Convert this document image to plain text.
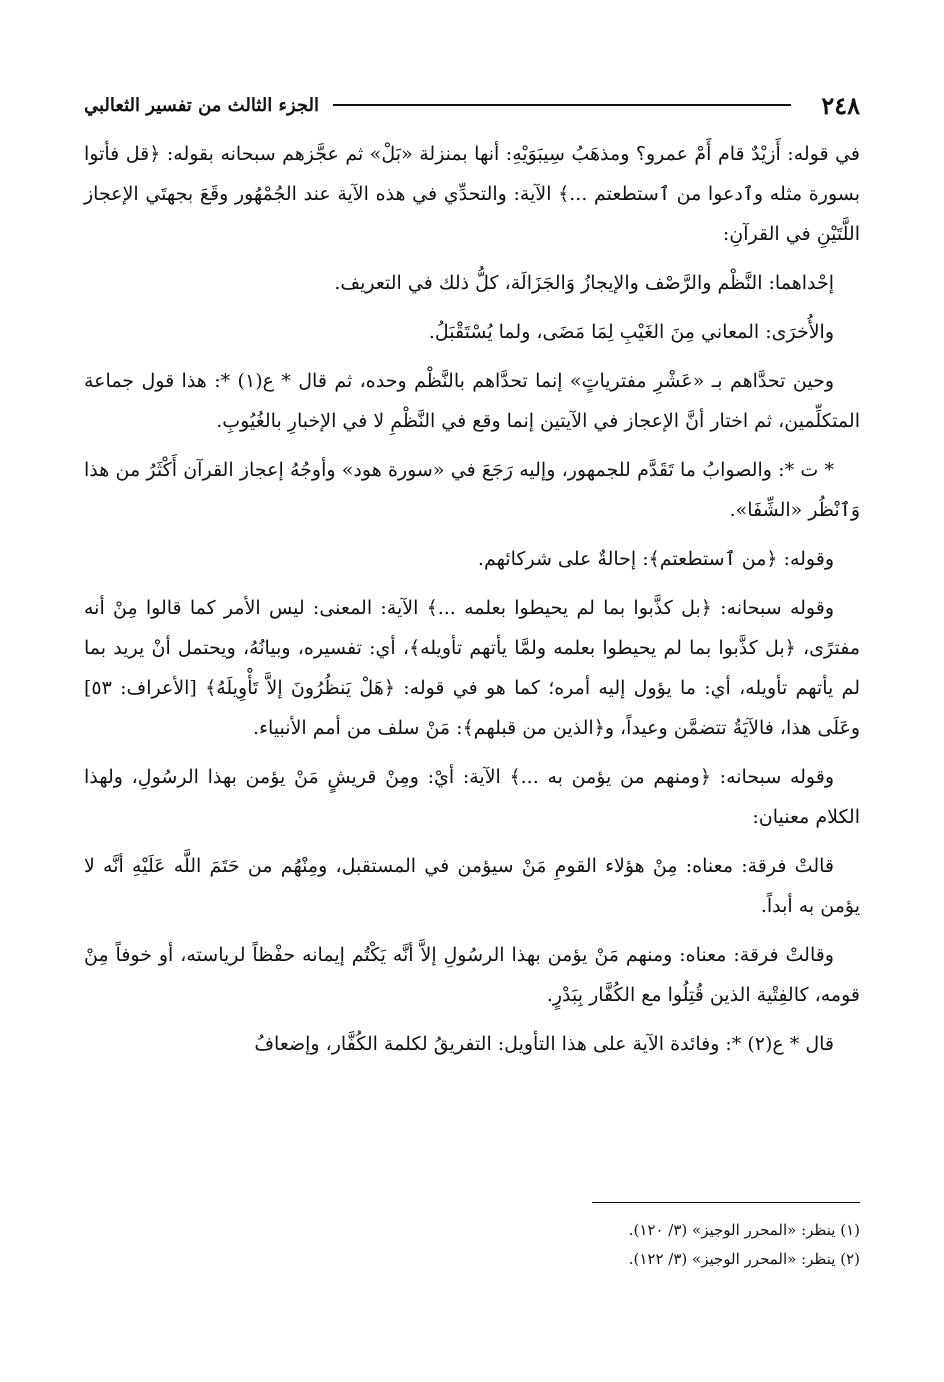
٢٤٨
الجزء الثالث من تفسير الثعالبي

في قوله: أَزيْدٌ قام أَمْ عمرو؟ ومذهَبُ سِيبَوَيْهِ: أنها بمنزلة «بَلْ» ثم عجَّزهم سبحانه بقوله: ﴿قل فأتوا بسورة مثله وٱدعوا من ٱستطعتم ...﴾ الآية: والتحدِّي في هذه الآية عند الجُمْهُور وقَعَ بجهتَي الإعجاز اللَّتَيْنِ في القرآنِ:

إحْداهما: النَّظْم والرَّصْف والإيجازُ وَالجَزَالَة، كلُّ ذلك في التعريف.

والأُخرَى: المعاني مِنَ الغَيْبِ لِمَا مَضَى، ولما يُسْتَقْبَلُ.

وحين تحدَّاهم بـ «عَشْرِ مفترياتٍ» إنما تحدَّاهم بالنَّظْم وحده، ثم قال * ع(١) *: هذا قول جماعة المتكلِّمين، ثم اختار أنَّ الإعجاز في الآيتين إنما وقع في النَّظْمِ لا في الإخبارِ بالغُيُوبِ.

* ت *: والصوابُ ما تَقَدَّم للجمهور، وإليه رَجَعَ في «سورة هود» وأوجُهُ إعجاز القرآن أَكْثَرُ من هذا وَٱنْظُر «الشِّفَا».

وقوله: ﴿من ٱستطعتم﴾: إحالةٌ على شركائهم.

وقوله سبحانه: ﴿بل كذَّبوا بما لم يحيطوا بعلمه ...﴾ الآية: المعنى: ليس الأمر كما قالوا مِنْ أنه مفترًى، ﴿بل كذَّبوا بما لم يحيطوا بعلمه ولمَّا يأتهم تأويله﴾، أي: تفسيره، وبيانُهُ، ويحتمل أنْ يريد بما لم يأتهم تأويله، أي: ما يؤول إليه أمره؛ كما هو في قوله: ﴿هَلْ يَنظُرُونَ إلاَّ تَأْوِيلَهُ﴾ [الأعراف: ٥٣] وعَلَى هذا، فالآيَةُ تتضمَّن وعيداً، و﴿الذين من قبلهم﴾: مَنْ سلف من أمم الأنبياء.

وقوله سبحانه: ﴿ومنهم من يؤمن به ...﴾ الآية: أيْ: ومِنْ قريشٍ مَنْ يؤمن بهذا الرسُولِ، ولهذا الكلام معنيان:

قالتْ فرقة: معناه: مِنْ هؤلاء القومِ مَنْ سيؤمن في المستقبل، ومِنْهُم من حَتَمَ اللَّه عَلَيْهِ أنَّه لا يؤمن به أبداً.

وقالتْ فرقة: معناه: ومنهم مَنْ يؤمن بهذا الرسُولِ إلاَّ أنَّه يَكْتُم إيمانه حفْظاً لرياسته، أو خوفاً مِنْ قومه، كالفِتْية الذين قُتِلُوا مع الكُفَّار بِبَدْرٍ.

قال * ع(٢) *: وفائدة الآية على هذا التأويل: التفريقُ لكلمة الكُفَّار، وإضعافُ

(١) ينظر: «المحرر الوجيز» (٣/ ١٢٠).
(٢) ينظر: «المحرر الوجيز» (٣/ ١٢٢).
